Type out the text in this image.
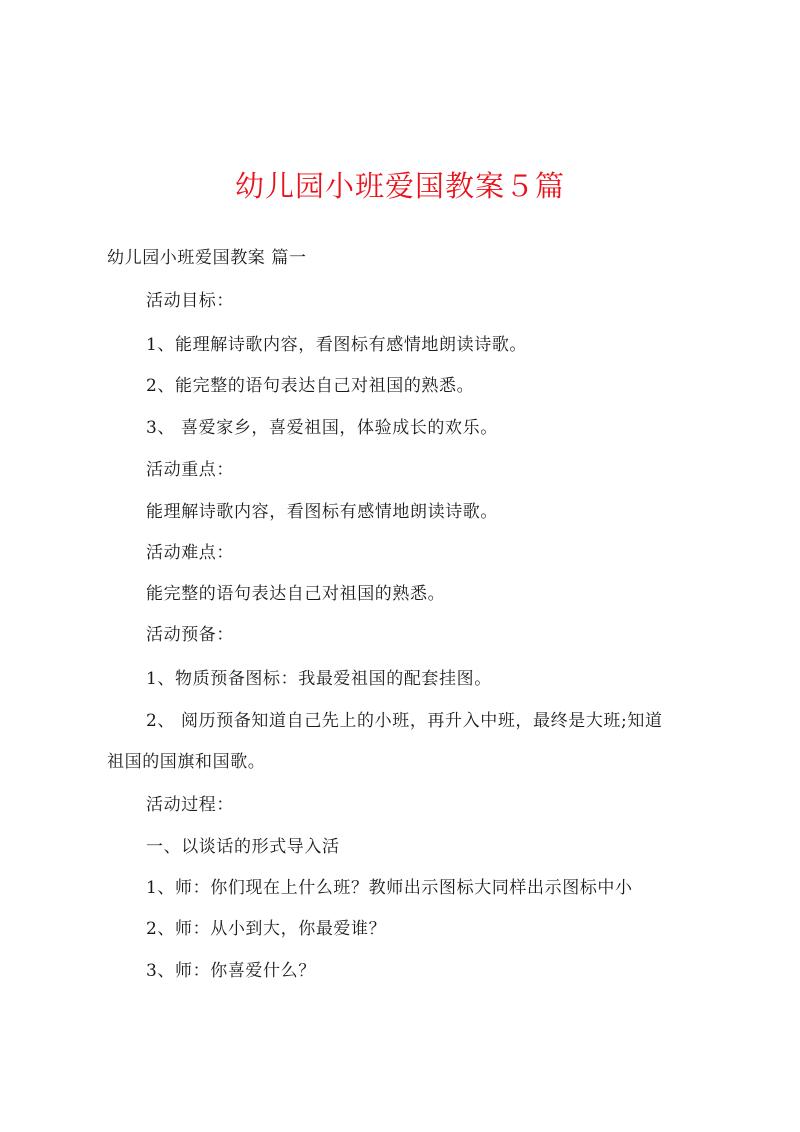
幼儿园小班爱国教案５篇

幼儿园小班爱国教案 篇一

活动目标：

1、能理解诗歌内容，看图标有感情地朗读诗歌。

2、能完整的语句表达自己对祖国的熟悉。

3、 喜爱家乡，喜爱祖国，体验成长的欢乐。

活动重点：

能理解诗歌内容，看图标有感情地朗读诗歌。

活动难点：

能完整的语句表达自己对祖国的熟悉。

活动预备：

1、物质预备图标：我最爱祖国的配套挂图。

2、 阅历预备知道自己先上的小班，再升入中班，最终是大班;知道

祖国的国旗和国歌。

活动过程：

一、以谈话的形式导入活

1、师：你们现在上什么班？教师出示图标大同样出示图标中小

2、师：从小到大，你最爱谁？

3、师：你喜爱什么？
